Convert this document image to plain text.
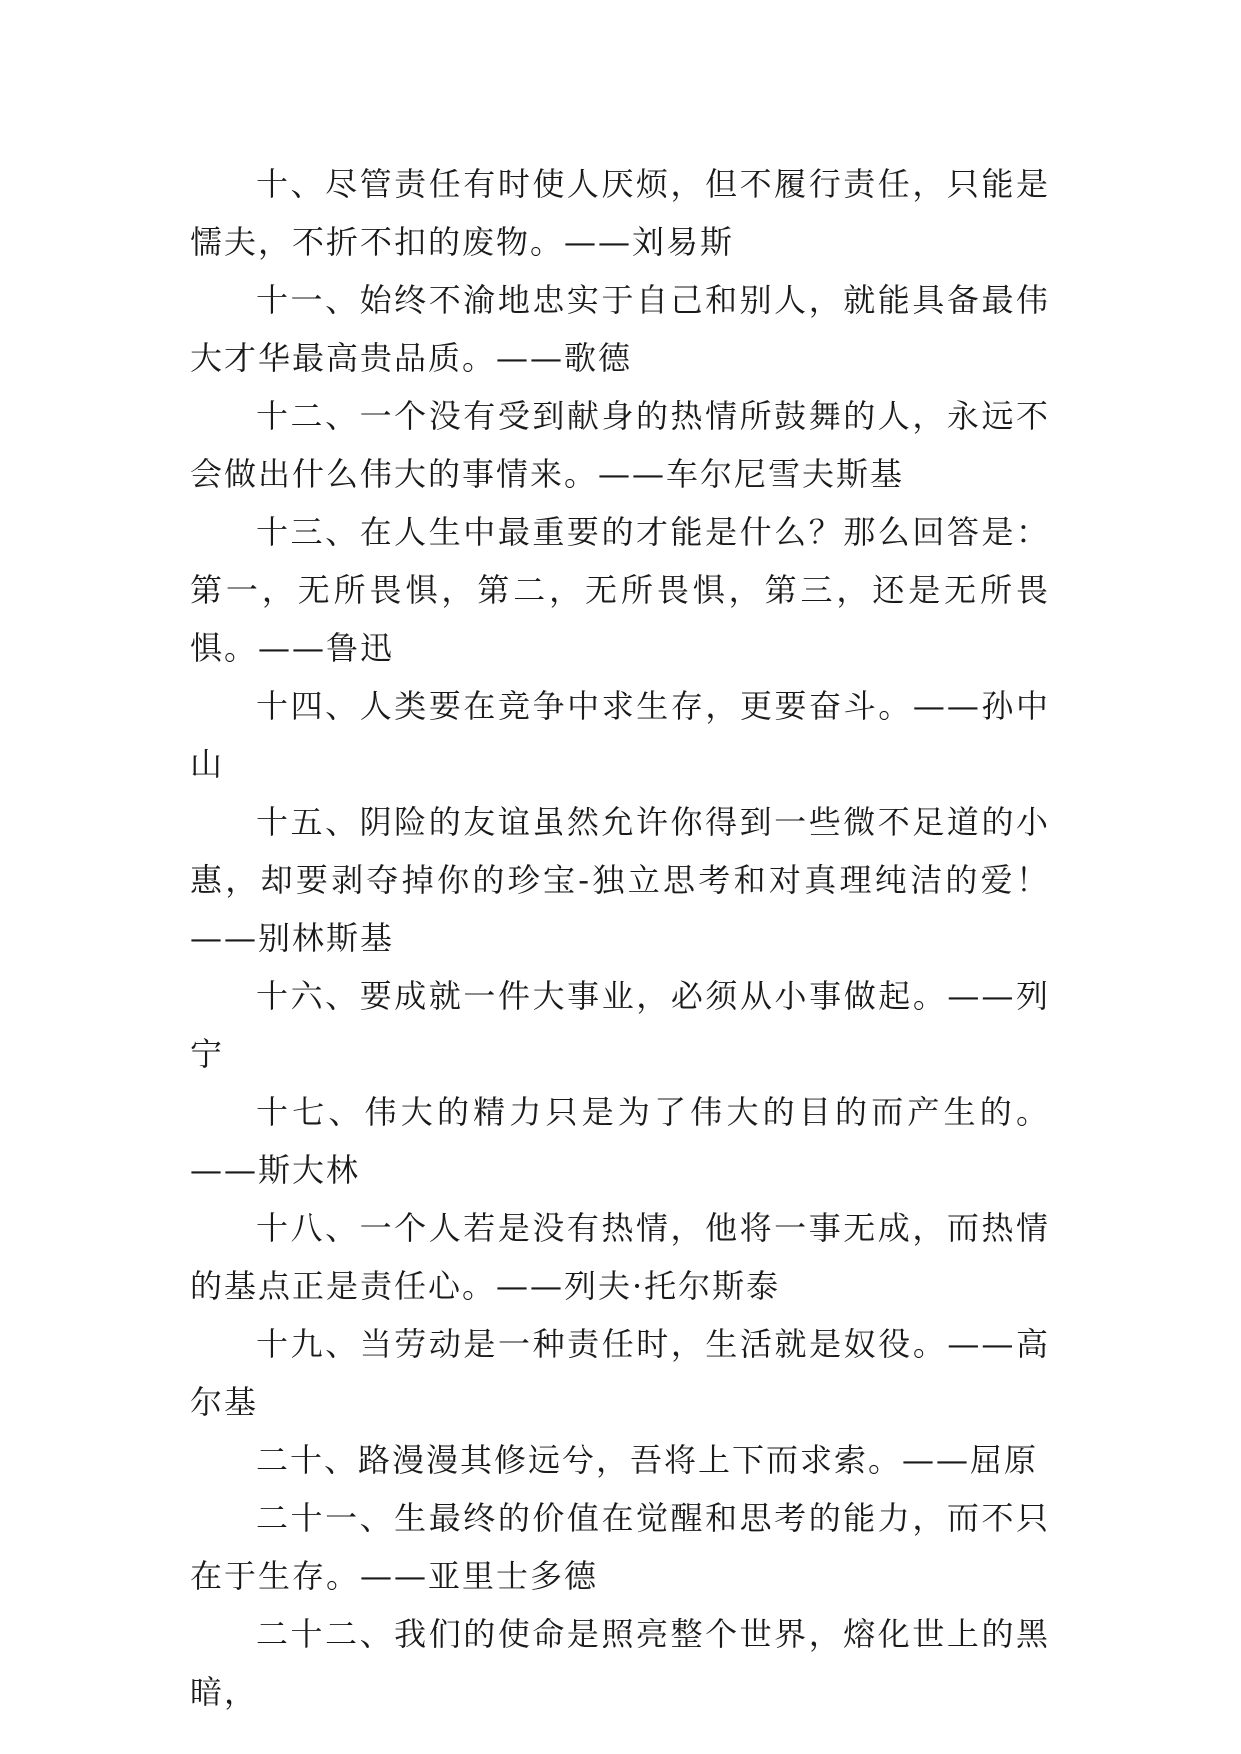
十、尽管责任有时使人厌烦，但不履行责任，只能是懦夫，不折不扣的废物。——刘易斯

十一、始终不渝地忠实于自己和别人，就能具备最伟大才华最高贵品质。——歌德

十二、一个没有受到献身的热情所鼓舞的人，永远不会做出什么伟大的事情来。——车尔尼雪夫斯基

十三、在人生中最重要的才能是什么？那么回答是：第一，无所畏惧，第二，无所畏惧，第三，还是无所畏惧。——鲁迅

十四、人类要在竞争中求生存，更要奋斗。——孙中山

十五、阴险的友谊虽然允许你得到一些微不足道的小惠，却要剥夺掉你的珍宝-独立思考和对真理纯洁的爱！——别林斯基

十六、要成就一件大事业，必须从小事做起。——列宁

十七、伟大的精力只是为了伟大的目的而产生的。——斯大林

十八、一个人若是没有热情，他将一事无成，而热情的基点正是责任心。——列夫·托尔斯泰

十九、当劳动是一种责任时，生活就是奴役。——高尔基

二十、路漫漫其修远兮，吾将上下而求索。——屈原

二十一、生最终的价值在觉醒和思考的能力，而不只在于生存。——亚里士多德

二十二、我们的使命是照亮整个世界，熔化世上的黑暗，
